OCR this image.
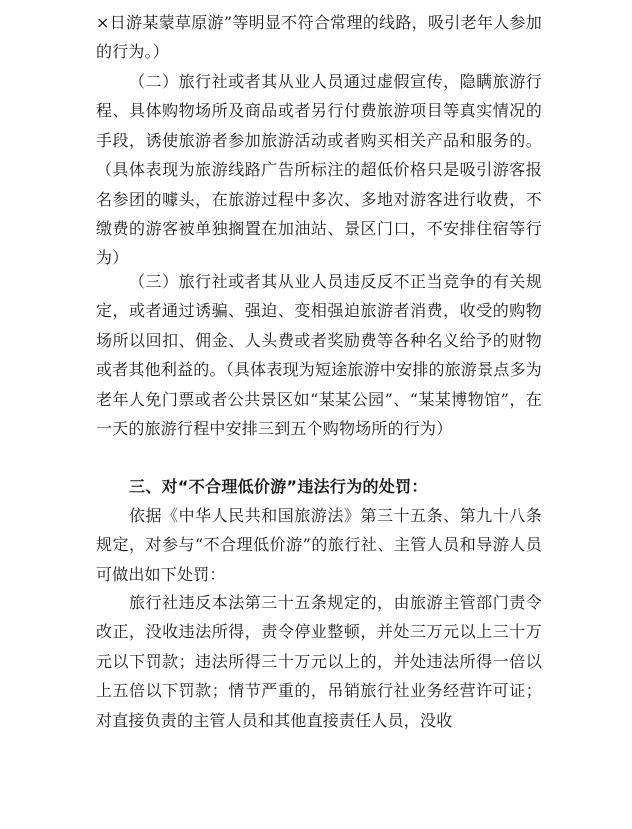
×日游某蒙草原游”等明显不符合常理的线路，吸引老年人参加的行为。）

（二）旅行社或者其从业人员通过虚假宣传，隐瞒旅游行程、具体购物场所及商品或者另行付费旅游项目等真实情况的手段，诱使旅游者参加旅游活动或者购买相关产品和服务的。（具体表现为旅游线路广告所标注的超低价格只是吸引游客报名参团的噱头，在旅游过程中多次、多地对游客进行收费，不缴费的游客被单独搁置在加油站、景区门口，不安排住宿等行为）

（三）旅行社或者其从业人员违反反不正当竞争的有关规定，或者通过诱骗、强迫、变相强迫旅游者消费，收受的购物场所以回扣、佣金、人头费或者奖励费等各种名义给予的财物或者其他利益的。（具体表现为短途旅游中安排的旅游景点多为老年人免门票或者公共景区如“某某公园”、“某某博物馆”，在一天的旅游行程中安排三到五个购物场所的行为）

三、对“不合理低价游”违法行为的处罚：

依据《中华人民共和国旅游法》第三十五条、第九十八条规定，对参与“不合理低价游”的旅行社、主管人员和导游人员可做出如下处罚：

旅行社违反本法第三十五条规定的，由旅游主管部门责令改正，没收违法所得，责令停业整顿，并处三万元以上三十万元以下罚款；违法所得三十万元以上的，并处违法所得一倍以上五倍以下罚款；情节严重的，吊销旅行社业务经营许可证；对直接负责的主管人员和其他直接责任人员，没收
